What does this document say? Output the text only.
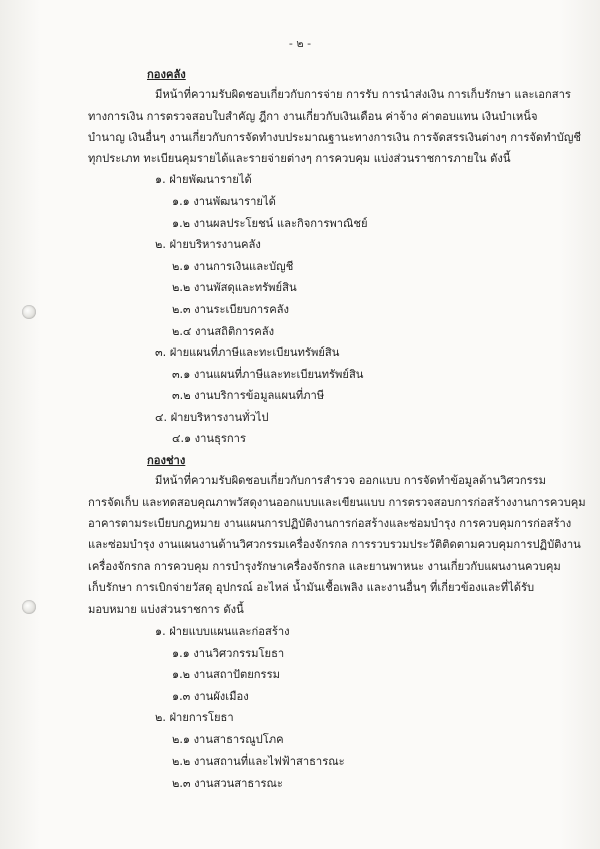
- ๒ -
กองคลัง
มีหน้าที่ความรับผิดชอบเกี่ยวกับการจ่าย การรับ การนำส่งเงิน การเก็บรักษา และเอกสาร
ทางการเงิน การตรวจสอบใบสำคัญ ฎีกา งานเกี่ยวกับเงินเดือน ค่าจ้าง ค่าตอบแทน เงินบำเหน็จ
บำนาญ เงินอื่นๆ งานเกี่ยวกับการจัดทำงบประมาณฐานะทางการเงิน การจัดสรรเงินต่างๆ การจัดทำบัญชี
ทุกประเภท ทะเบียนคุมรายได้และรายจ่ายต่างๆ การควบคุม แบ่งส่วนราชการภายใน ดังนี้
๑. ฝ่ายพัฒนารายได้
๑.๑ งานพัฒนารายได้
๑.๒ งานผลประโยชน์ และกิจการพาณิชย์
๒. ฝ่ายบริหารงานคลัง
๒.๑ งานการเงินและบัญชี
๒.๒ งานพัสดุและทรัพย์สิน
๒.๓ งานระเบียบการคลัง
๒.๔ งานสถิติการคลัง
๓. ฝ่ายแผนที่ภาษีและทะเบียนทรัพย์สิน
๓.๑ งานแผนที่ภาษีและทะเบียนทรัพย์สิน
๓.๒ งานบริการข้อมูลแผนที่ภาษี
๔. ฝ่ายบริหารงานทั่วไป
๔.๑ งานธุรการ
กองช่าง
มีหน้าที่ความรับผิดชอบเกี่ยวกับการสำรวจ ออกแบบ การจัดทำข้อมูลด้านวิศวกรรม
การจัดเก็บ และทดสอบคุณภาพวัสดุงานออกแบบและเขียนแบบ การตรวจสอบการก่อสร้างงานการควบคุม
อาคารตามระเบียบกฎหมาย งานแผนการปฏิบัติงานการก่อสร้างและซ่อมบำรุง การควบคุมการก่อสร้าง
และซ่อมบำรุง งานแผนงานด้านวิศวกรรมเครื่องจักรกล การรวบรวมประวัติติดตามควบคุมการปฏิบัติงาน
เครื่องจักรกล การควบคุม การบำรุงรักษาเครื่องจักรกล และยานพาหนะ งานเกี่ยวกับแผนงานควบคุม
เก็บรักษา การเบิกจ่ายวัสดุ อุปกรณ์ อะไหล่ น้ำมันเชื้อเพลิง และงานอื่นๆ ที่เกี่ยวข้องและที่ได้รับ
มอบหมาย แบ่งส่วนราชการ ดังนี้
๑. ฝ่ายแบบแผนและก่อสร้าง
๑.๑ งานวิศวกรรมโยธา
๑.๒ งานสถาปัตยกรรม
๑.๓ งานผังเมือง
๒. ฝ่ายการโยธา
๒.๑ งานสาธารณูปโภค
๒.๒ งานสถานที่และไฟฟ้าสาธารณะ
๒.๓ งานสวนสาธารณะ
